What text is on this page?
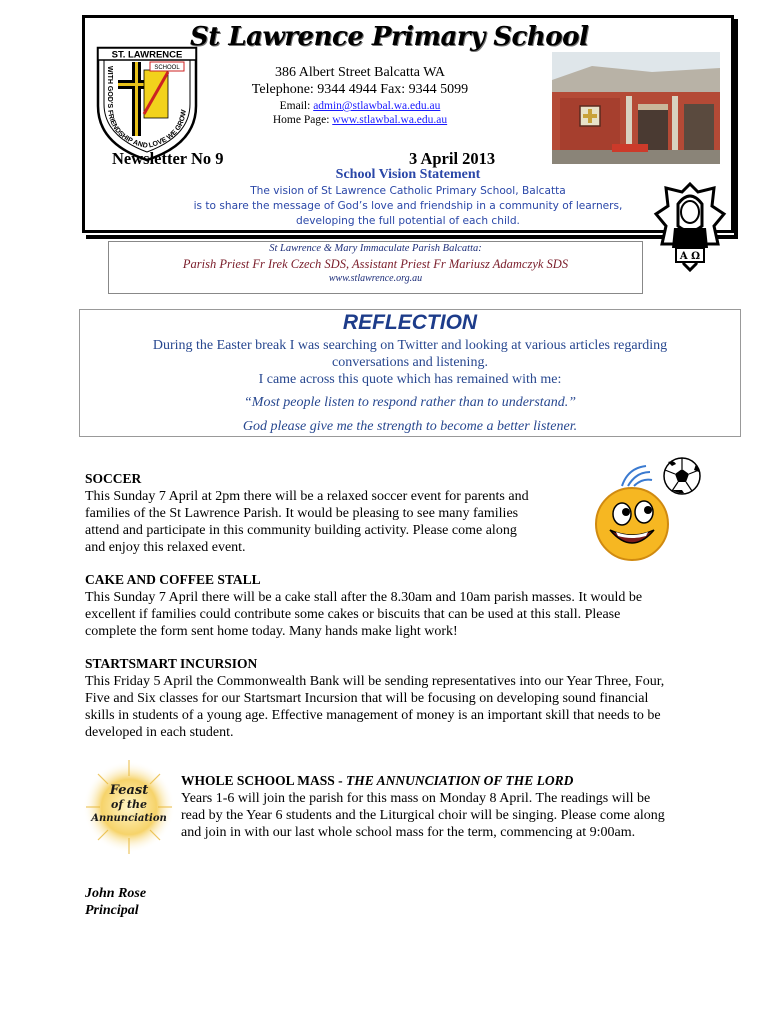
ST. LAWRENCE
SCHOOL
WITH GOD'S FRIENDSHIP AND LOVE WE GROW
St Lawrence Primary School
386 Albert Street Balcatta WA
Telephone: 9344 4944 Fax: 9344 5099
Email: admin@stlawbal.wa.edu.au
Home Page: www.stlawbal.wa.edu.au
Newsletter No 9	3 April 2013
School Vision Statement
The vision of St Lawrence Catholic Primary School, Balcatta
is to share the message of God’s love and friendship in a community of learners,
developing the full potential of each child.
A Ω
St Lawrence & Mary Immaculate Parish Balcatta:
Parish Priest Fr Irek Czech SDS, Assistant Priest Fr Mariusz Adamczyk SDS
www.stlawrence.org.au
REFLECTION
During the Easter break I was searching on Twitter and looking at various articles regarding
conversations and listening.
I came across this quote which has remained with me:
“Most people listen to respond rather than to understand.”
God please give me the strength to become a better listener.
SOCCER
This Sunday 7 April at 2pm there will be a relaxed soccer event for parents and
families of the St Lawrence Parish. It would be pleasing to see many families
attend and participate in this community building activity. Please come along
and enjoy this relaxed event.
CAKE AND COFFEE STALL
This Sunday 7 April there will be a cake stall after the 8.30am and 10am parish masses. It would be
excellent if families could contribute some cakes or biscuits that can be used at this stall. Please
complete the form sent home today. Many hands make light work!
STARTSMART INCURSION
This Friday 5 April the Commonwealth Bank will be sending representatives into our Year Three, Four,
Five and Six classes for our Startsmart Incursion that will be focusing on developing sound financial
skills in students of a young age. Effective management of money is an important skill that needs to be
developed in each student.
Feast
of the
Annunciation
WHOLE SCHOOL MASS - THE ANNUNCIATION OF THE LORD
Years 1-6 will join the parish for this mass on Monday 8 April. The readings will be
read by the Year 6 students and the Liturgical choir will be singing. Please come along
and join in with our last whole school mass for the term, commencing at 9:00am.
John Rose
Principal
